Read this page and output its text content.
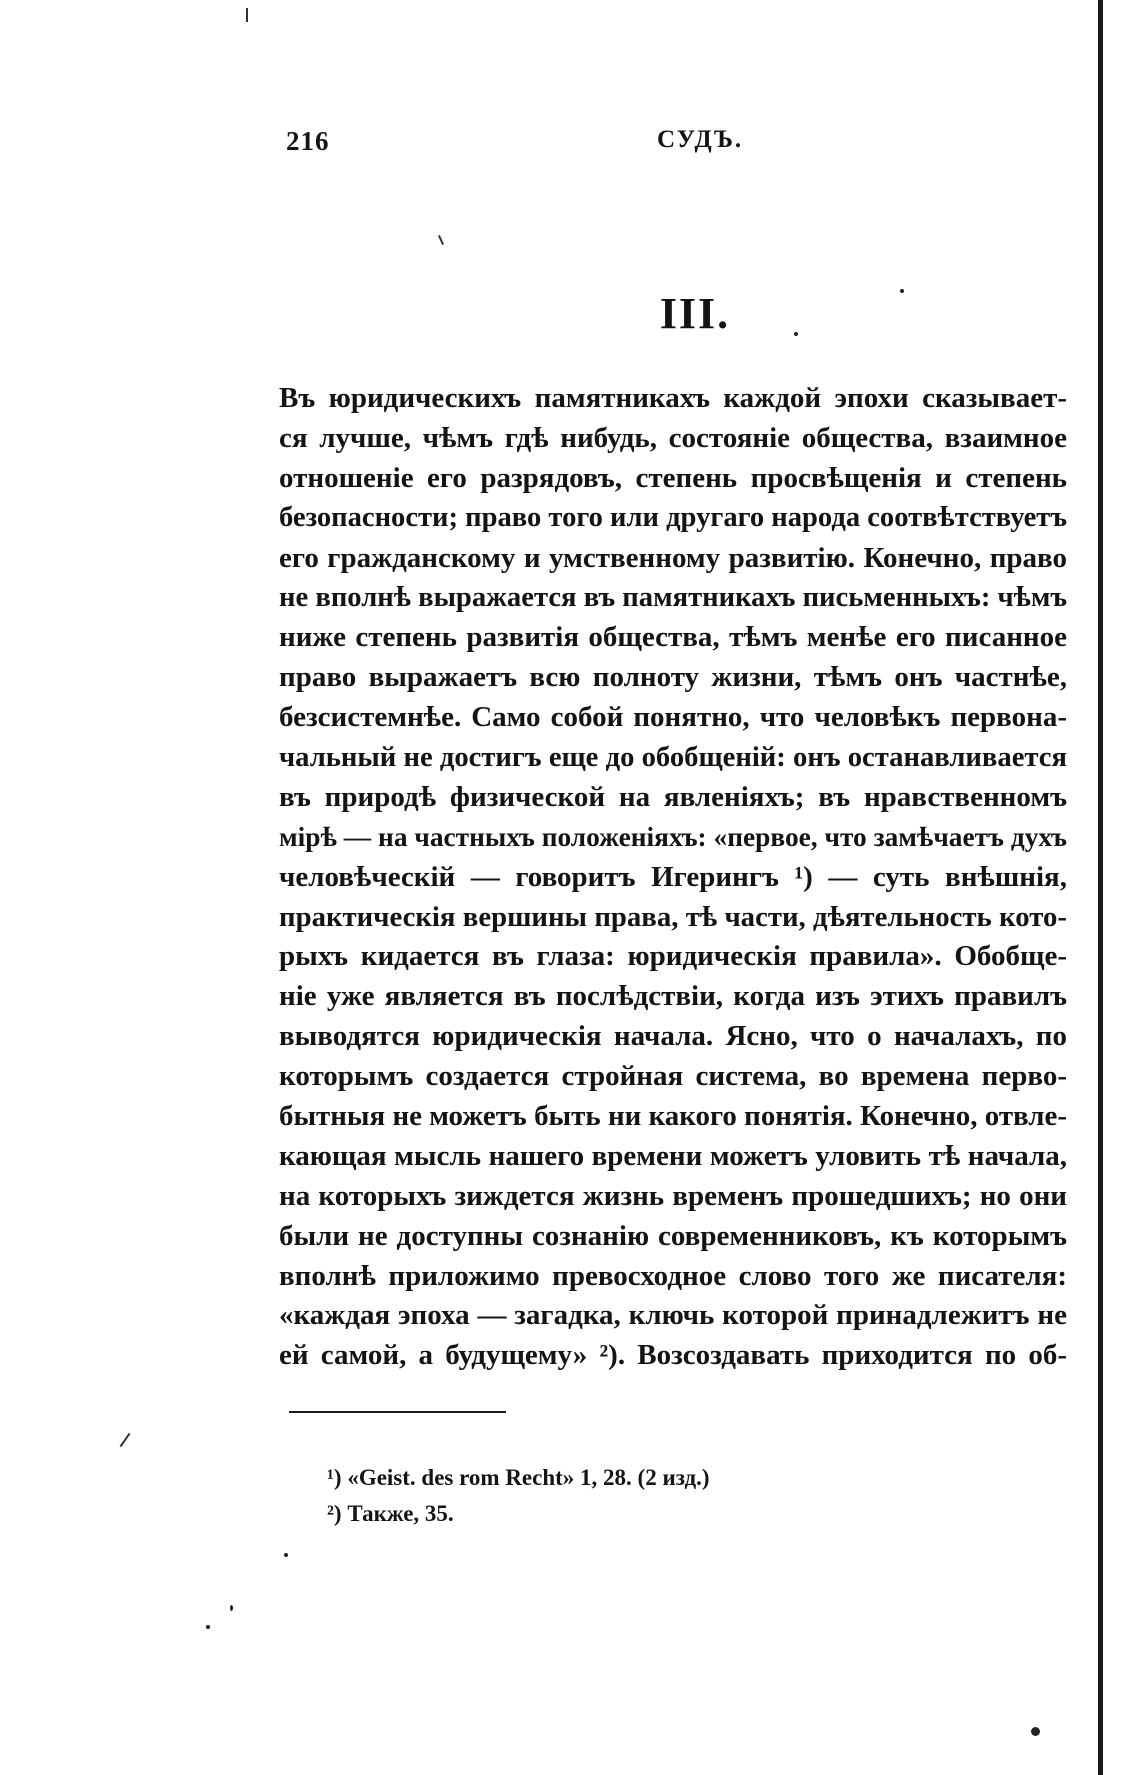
216	СУДЪ.
III.
Въ юридическихъ памятникахъ каждой эпохи сказывает-
ся лучше, чѣмъ гдѣ нибудь, состояніе общества, взаимное
отношеніе его разрядовъ, степень просвѣщенія и степень
безопасности; право того или другаго народа соотвѣтствуетъ
его гражданскому и умственному развитію. Конечно, право
не вполнѣ выражается въ памятникахъ письменныхъ: чѣмъ
ниже степень развитія общества, тѣмъ менѣе его писанное
право выражаетъ всю полноту жизни, тѣмъ онъ частнѣе,
безсистемнѣе. Само собой понятно, что человѣкъ первона-
чальный не достигъ еще до обобщеній: онъ останавливается
въ природѣ физической на явленіяхъ; въ нравственномъ
мірѣ — на частныхъ положеніяхъ: «первое, что замѣчаетъ духъ
человѣческій — говоритъ Игерингъ ¹) — суть внѣшнія,
практическія вершины права, тѣ части, дѣятельность кото-
рыхъ кидается въ глаза: юридическія правила». Обобще-
ніе уже является въ послѣдствіи, когда изъ этихъ правилъ
выводятся юридическія начала. Ясно, что о началахъ, по
которымъ создается стройная система, во времена перво-
бытныя не можетъ быть ни какого понятія. Конечно, отвле-
кающая мысль нашего времени можетъ уловить тѣ начала,
на которыхъ зиждется жизнь временъ прошедшихъ; но они
были не доступны сознанію современниковъ, къ которымъ
вполнѣ приложимо превосходное слово того же писателя:
«каждая эпоха — загадка, ключь которой принадлежитъ не
ей самой, а будущему» ²). Возсоздавать приходится по об-
¹) «Geist. des rom Recht» 1, 28. (2 изд.)
²) Также, 35.
